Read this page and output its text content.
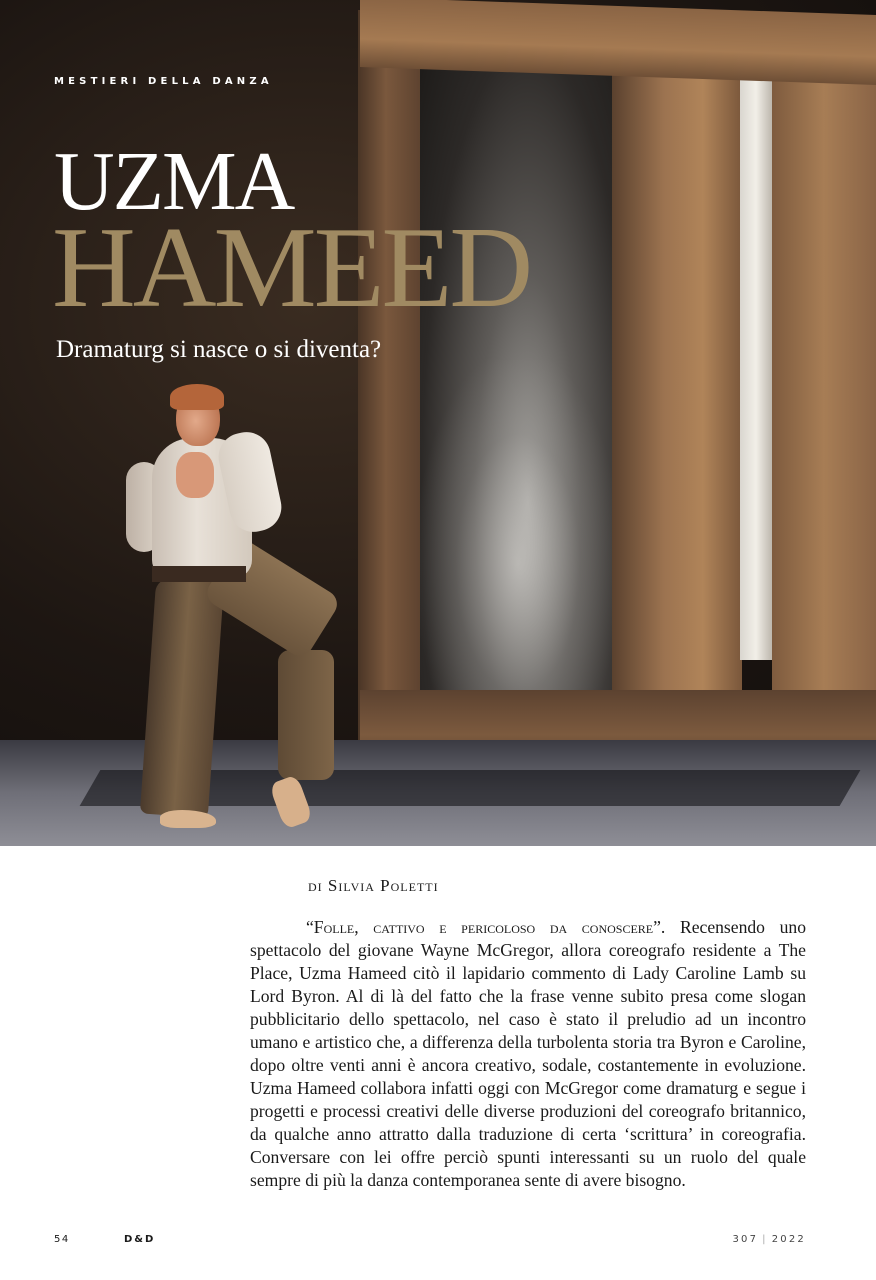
MESTIERI DELLA DANZA
UZMA
HAMEED
Dramaturg si nasce o si diventa?
di Silvia Poletti

“Folle, cattivo e pericoloso da conoscere”. Recensendo uno spettacolo del giovane Wayne McGregor, allora coreografo residente a The Place, Uzma Hameed citò il lapidario commento di Lady Caroline Lamb su Lord Byron. Al di là del fatto che la frase venne subito presa come slogan pubblicitario dello spettacolo, nel caso è stato il preludio ad un incontro umano e artistico che, a differenza della turbolenta storia tra Byron e Caroline, dopo oltre venti anni è ancora creativo, sodale, costantemente in evoluzione. Uzma Hameed collabora infatti oggi con McGregor come dramaturg e segue i progetti e processi creativi delle diverse produzioni del coreografo britannico, da qualche anno attratto dalla traduzione di certa ‘scrittura’ in coreografia. Conversare con lei offre perciò spunti interessanti su un ruolo del quale sempre di più la danza contemporanea sente di avere bisogno.

54	D&D	307 | 2022
